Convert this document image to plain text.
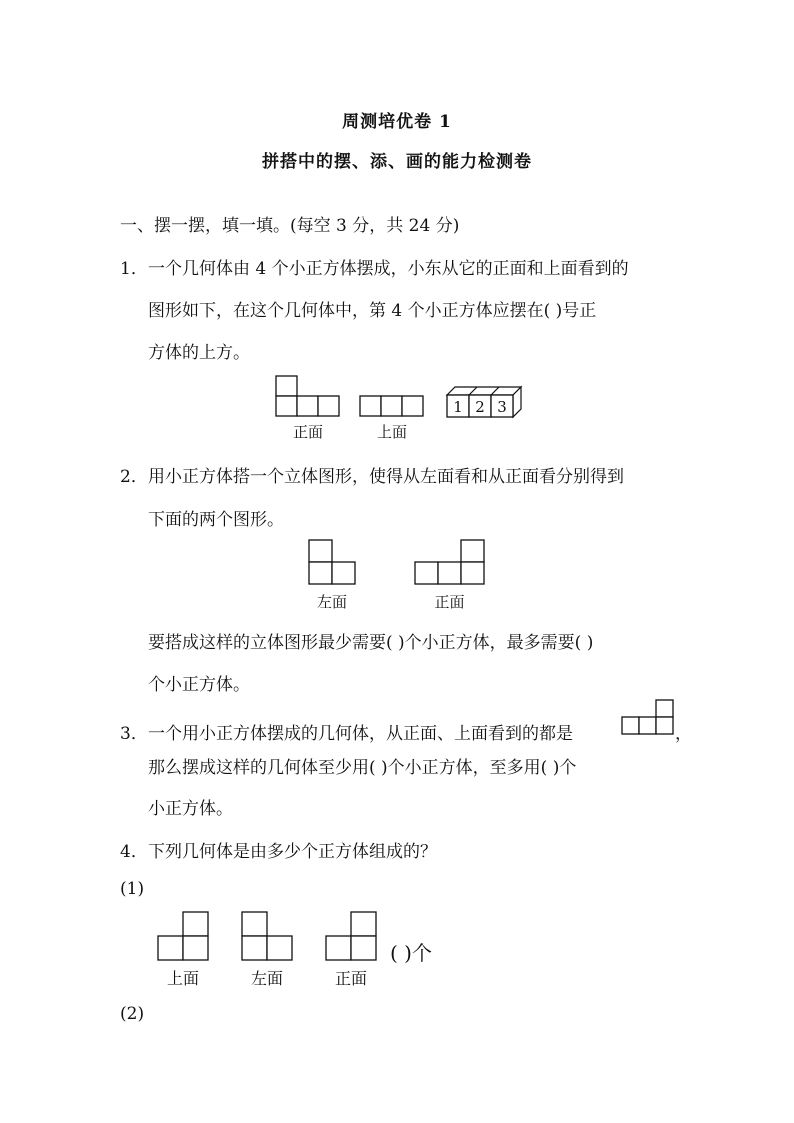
周测培优卷 1
拼搭中的摆、添、画的能力检测卷
一、摆一摆，填一填。(每空 3 分，共 24 分)
1． 一个几何体由 4 个小正方体摆成，小东从它的正面和上面看到的
图形如下，在这个几何体中，第 4 个小正方体应摆在( )号正
方体的上方。
正面	上面
1 2 3
2． 用小正方体搭一个立体图形，使得从左面看和从正面看分别得到
下面的两个图形。
左面	正面
要搭成这样的立体图形最少需要( )个小正方体，最多需要( )
个小正方体。
3． 一个用小正方体摆成的几何体，从正面、上面看到的都是	，
那么摆成这样的几何体至少用( )个小正方体，至多用( )个
小正方体。
4． 下列几何体是由多少个正方体组成的？
(1)
上面	左面	正面
( )个
(2)
